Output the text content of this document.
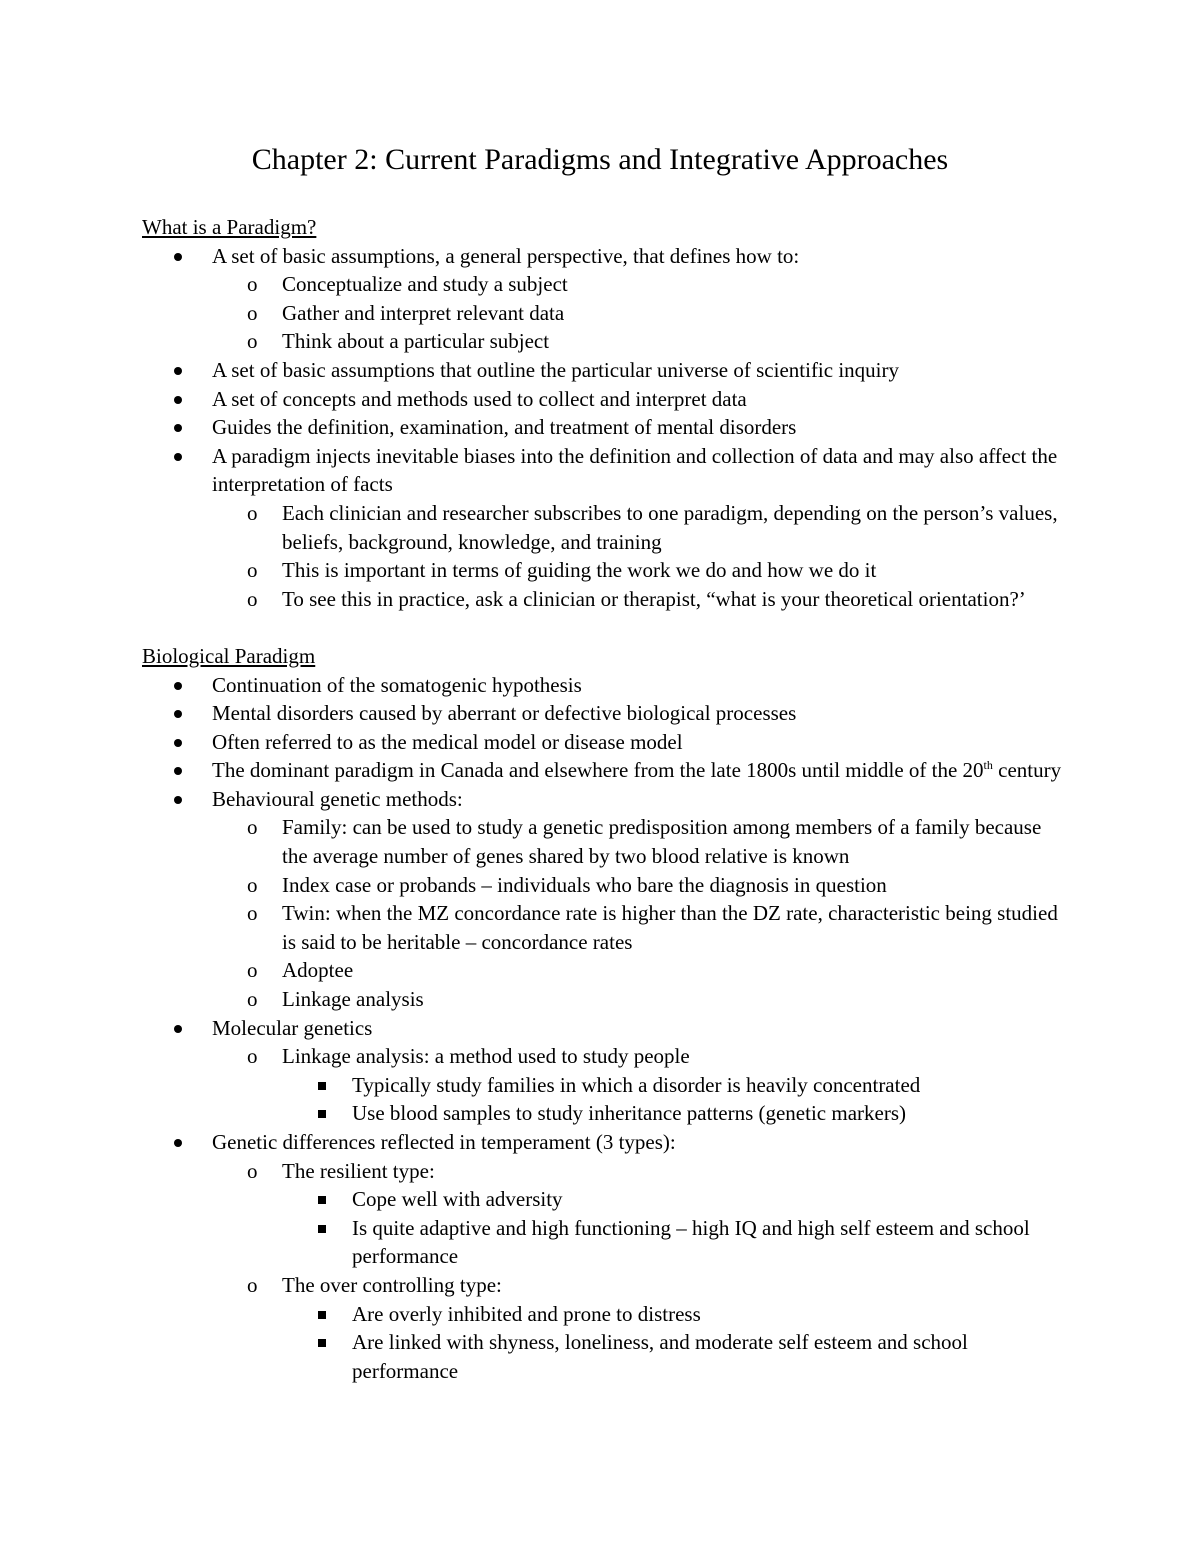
Chapter 2: Current Paradigms and Integrative Approaches
What is a Paradigm?
A set of basic assumptions, a general perspective, that defines how to:
o Conceptualize and study a subject
o Gather and interpret relevant data
o Think about a particular subject
A set of basic assumptions that outline the particular universe of scientific inquiry
A set of concepts and methods used to collect and interpret data
Guides the definition, examination, and treatment of mental disorders
A paradigm injects inevitable biases into the definition and collection of data and may also affect the interpretation of facts
o Each clinician and researcher subscribes to one paradigm, depending on the person’s values, beliefs, background, knowledge, and training
o This is important in terms of guiding the work we do and how we do it
o To see this in practice, ask a clinician or therapist, “what is your theoretical orientation?’
Biological Paradigm
Continuation of the somatogenic hypothesis
Mental disorders caused by aberrant or defective biological processes
Often referred to as the medical model or disease model
The dominant paradigm in Canada and elsewhere from the late 1800s until middle of the 20th century
Behavioural genetic methods:
o Family: can be used to study a genetic predisposition among members of a family because the average number of genes shared by two blood relative is known
o Index case or probands – individuals who bare the diagnosis in question
o Twin: when the MZ concordance rate is higher than the DZ rate, characteristic being studied is said to be heritable – concordance rates
o Adoptee
o Linkage analysis
Molecular genetics
o Linkage analysis: a method used to study people
Typically study families in which a disorder is heavily concentrated
Use blood samples to study inheritance patterns (genetic markers)
Genetic differences reflected in temperament (3 types):
o The resilient type:
Cope well with adversity
Is quite adaptive and high functioning – high IQ and high self esteem and school performance
o The over controlling type:
Are overly inhibited and prone to distress
Are linked with shyness, loneliness, and moderate self esteem and school performance
